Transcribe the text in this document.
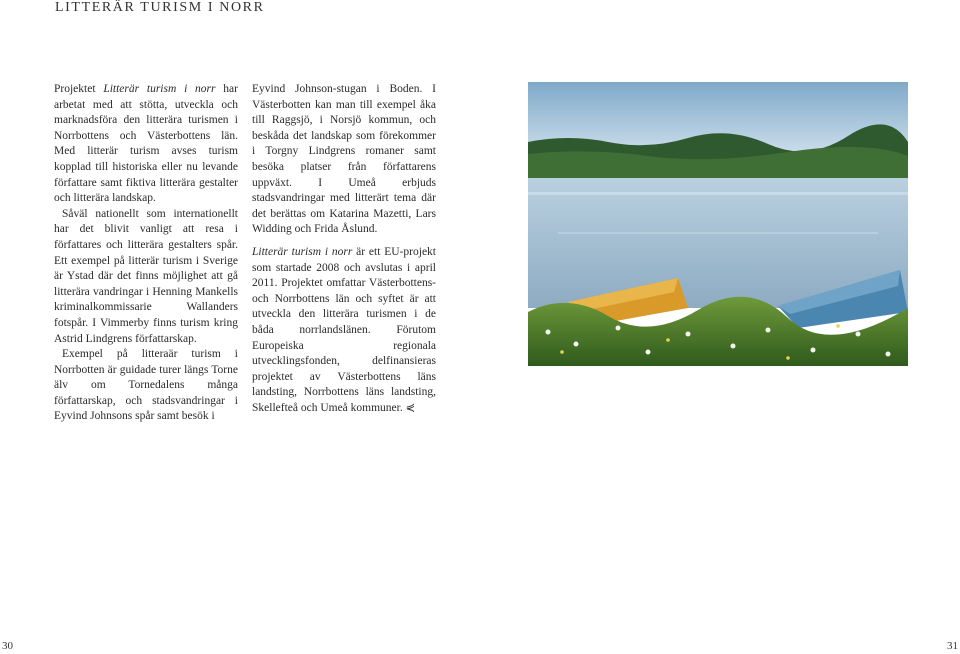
LITTERÄR TURISM I NORR

Projektet Litterär turism i norr har arbetat med att stötta, utveckla och marknadsföra den litterära turismen i Norrbottens och Västerbottens län. Med litterär turism avses turism kopplad till historiska eller nu levande författare samt fiktiva litterära gestalter och litterära landskap.

Såväl nationellt som internationellt har det blivit vanligt att resa i författares och litterära gestalters spår. Ett exempel på litterär turism i Sverige är Ystad där det finns möjlighet att gå litterära vandringar i Henning Mankells kriminalkommissarie Wallanders fotspår. I Vimmerby finns turism kring Astrid Lindgrens författarskap.

Exempel på litteraär turism i Norrbotten är guidade turer längs Torne älv om Tornedalens många författarskap, och stadsvandringar i Eyvind Johnsons spår samt besök i

Eyvind Johnson-stugan i Boden. I Västerbotten kan man till exempel åka till Raggsjö, i Norsjö kommun, och beskåda det landskap som förekommer i Torgny Lindgrens romaner samt besöka platser från författarens uppväxt. I Umeå erbjuds stadsvandringar med litterärt tema där det berättas om Katarina Mazetti, Lars Widding och Frida Åslund.

Litterär turism i norr är ett EU-projekt som startade 2008 och avslutas i april 2011. Projektet omfattar Västerbottens- och Norrbottens län och syftet är att utveckla den litterära turismen i de båda norrlandslänen. Förutom Europeiska regionala utvecklingsfonden, delfinansieras projektet av Västerbottens läns landsting, Norrbottens läns landsting, Skellefteå och Umeå kommuner. ⋞

30	31
